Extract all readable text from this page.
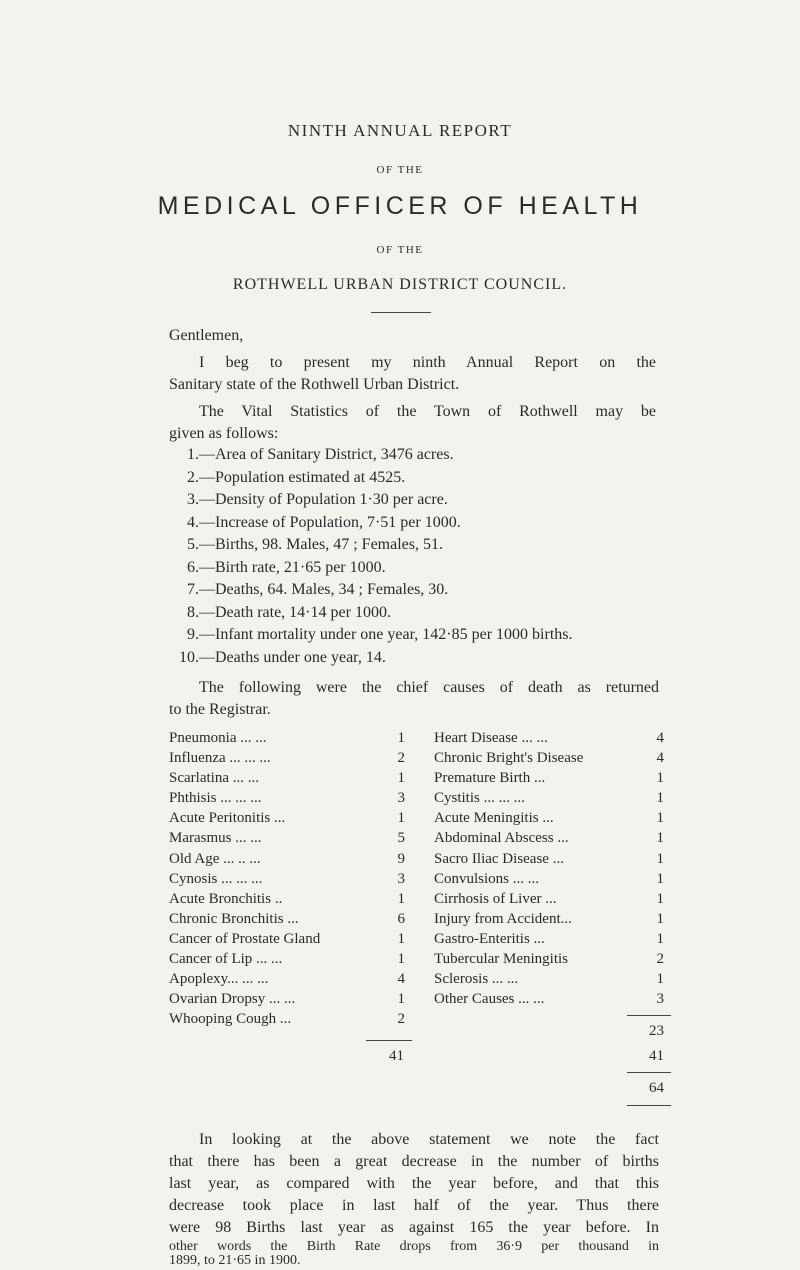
NINTH ANNUAL REPORT
OF THE
MEDICAL OFFICER OF HEALTH
OF THE
ROTHWELL URBAN DISTRICT COUNCIL.
Gentlemen,
I beg to present my ninth Annual Report on the
Sanitary state of the Rothwell Urban District.
The Vital Statistics of the Town of Rothwell may be
given as follows:
1.—Area of Sanitary District, 3476 acres.
2.—Population estimated at 4525.
3.—Density of Population 1·30 per acre.
4.—Increase of Population, 7·51 per 1000.
5.—Births, 98. Males, 47 ; Females, 51.
6.—Birth rate, 21·65 per 1000.
7.—Deaths, 64. Males, 34 ; Females, 30.
8.—Death rate, 14·14 per 1000.
9.—Infant mortality under one year, 142·85 per 1000 births.
10.—Deaths under one year, 14.
The following were the chief causes of death as returned
to the Registrar.
Pneumonia ... ...	1
Influenza ... ... ...	2
Scarlatina ... ...	1
Phthisis ... ... ...	3
Acute Peritonitis ...	1
Marasmus ... ...	5
Old Age ... .. ...	9
Cynosis ... ... ...	3
Acute Bronchitis ..	1
Chronic Bronchitis ...	6
Cancer of Prostate Gland	1
Cancer of Lip ... ...	1
Apoplexy... ... ...	4
Ovarian Dropsy ... ...	1
Whooping Cough ...	2
Heart Disease ... ...	4
Chronic Bright's Disease	4
Premature Birth ...	1
Cystitis ... ... ...	1
Acute Meningitis ...	1
Abdominal Abscess ...	1
Sacro Iliac Disease ...	1
Convulsions ... ...	1
Cirrhosis of Liver ...	1
Injury from Accident...	1
Gastro-Enteritis ...	1
Tubercular Meningitis	2
Sclerosis ... ...	1
Other Causes ... ...	3
41
23
41
64
In looking at the above statement we note the fact
that there has been a great decrease in the number of births
last year, as compared with the year before, and that this
decrease took place in last half of the year. Thus there
were 98 Births last year as against 165 the year before. In
other words the Birth Rate drops from 36·9 per thousand in
1899, to 21·65 in 1900.
